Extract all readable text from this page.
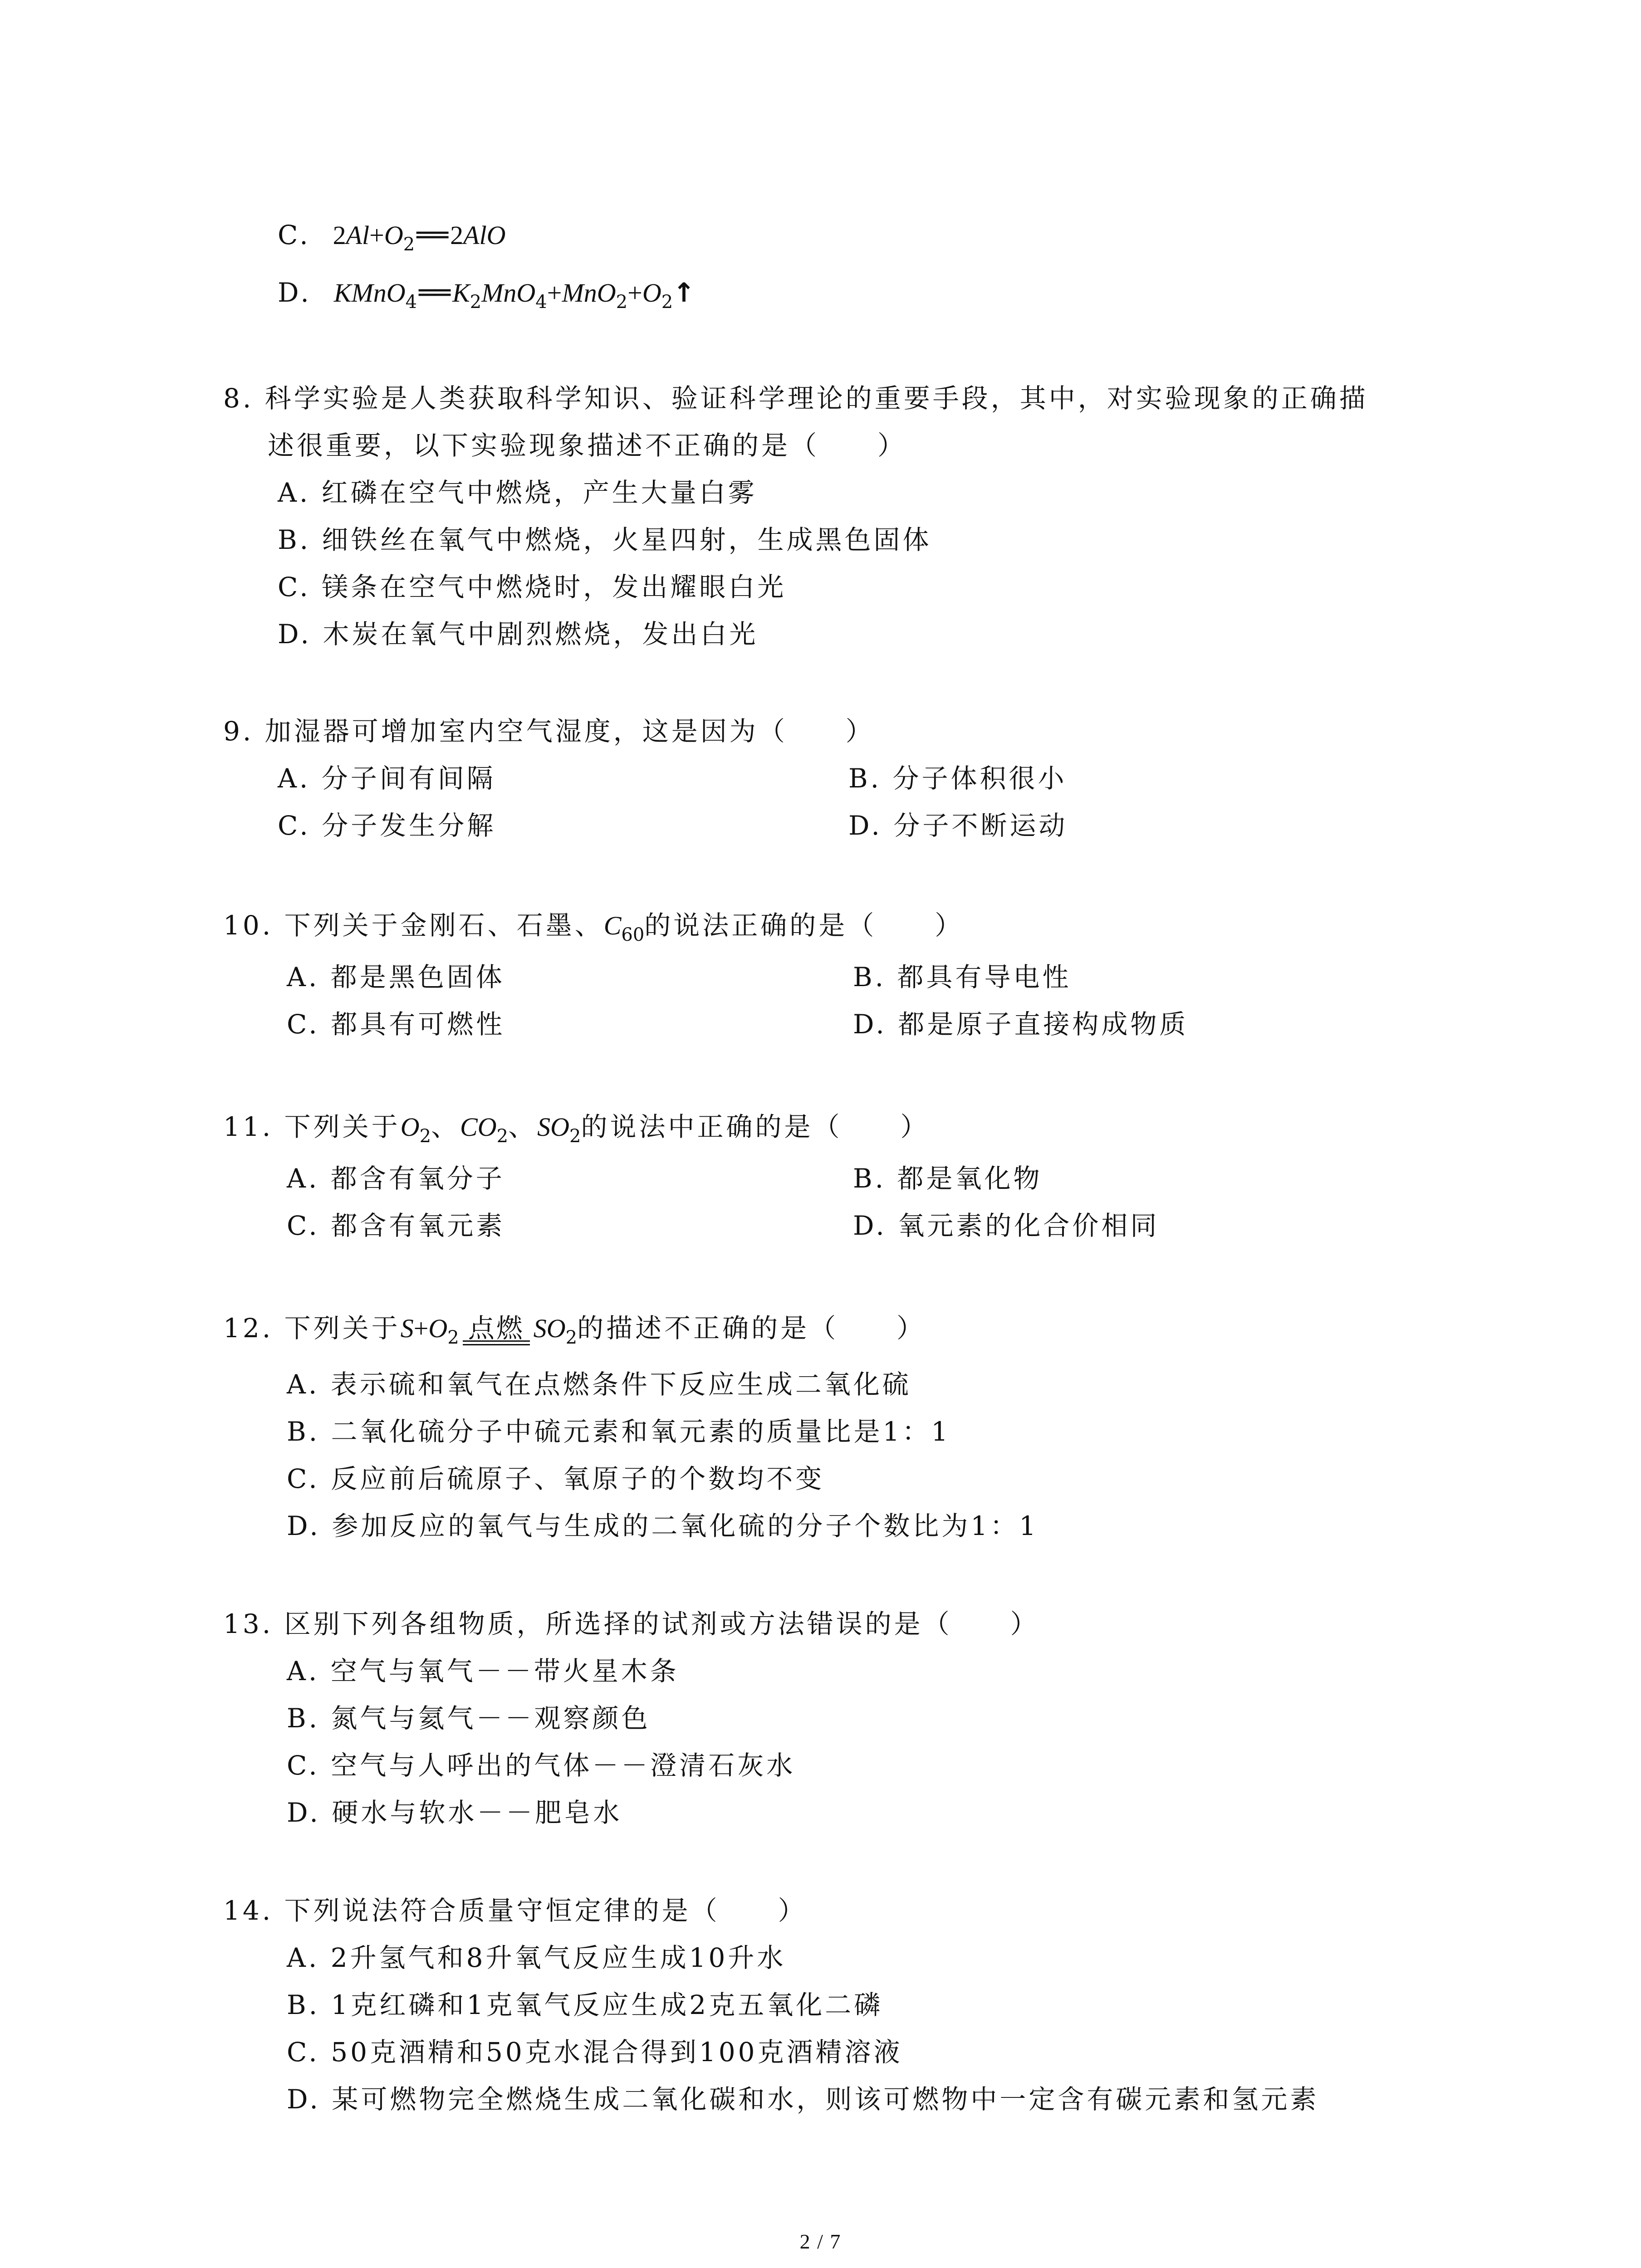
C. $2Al+O_2══2AlO$
D. $KMnO_4══K_2MnO_4+MnO_2+O_2↑$
8. 科学实验是人类获取科学知识、验证科学理论的重要手段，其中，对实验现象的正确描
述很重要，以下实验现象描述不正确的是（　　）
A. 红磷在空气中燃烧，产生大量白雾
B. 细铁丝在氧气中燃烧，火星四射，生成黑色固体
C. 镁条在空气中燃烧时，发出耀眼白光
D. 木炭在氧气中剧烈燃烧，发出白光
9. 加湿器可增加室内空气湿度，这是因为（　　）
A. 分子间有间隔	B. 分子体积很小
C. 分子发生分解	D. 分子不断运动
10. 下列关于金刚石、石墨、$C_{60}$的说法正确的是（　　）
A. 都是黑色固体	B. 都具有导电性
C. 都具有可燃性	D. 都是原子直接构成物质
11. 下列关于$O_2$、$CO_2$、$SO_2$的说法中正确的是（　　）
A. 都含有氧分子	B. 都是氧化物
C. 都含有氧元素	D. 氧元素的化合价相同
12. 下列关于$S+O_2$ 点燃 $SO_2$的描述不正确的是（　　）
A. 表示硫和氧气在点燃条件下反应生成二氧化硫
B. 二氧化硫分子中硫元素和氧元素的质量比是1：1
C. 反应前后硫原子、氧原子的个数均不变
D. 参加反应的氧气与生成的二氧化硫的分子个数比为1：1
13. 区别下列各组物质，所选择的试剂或方法错误的是（　　）
A. 空气与氧气－－带火星木条
B. 氮气与氦气－－观察颜色
C. 空气与人呼出的气体－－澄清石灰水
D. 硬水与软水－－肥皂水
14. 下列说法符合质量守恒定律的是（　　）
A. 2升氢气和8升氧气反应生成10升水
B. 1克红磷和1克氧气反应生成2克五氧化二磷
C. 50克酒精和50克水混合得到100克酒精溶液
D. 某可燃物完全燃烧生成二氧化碳和水，则该可燃物中一定含有碳元素和氢元素
2 / 7
